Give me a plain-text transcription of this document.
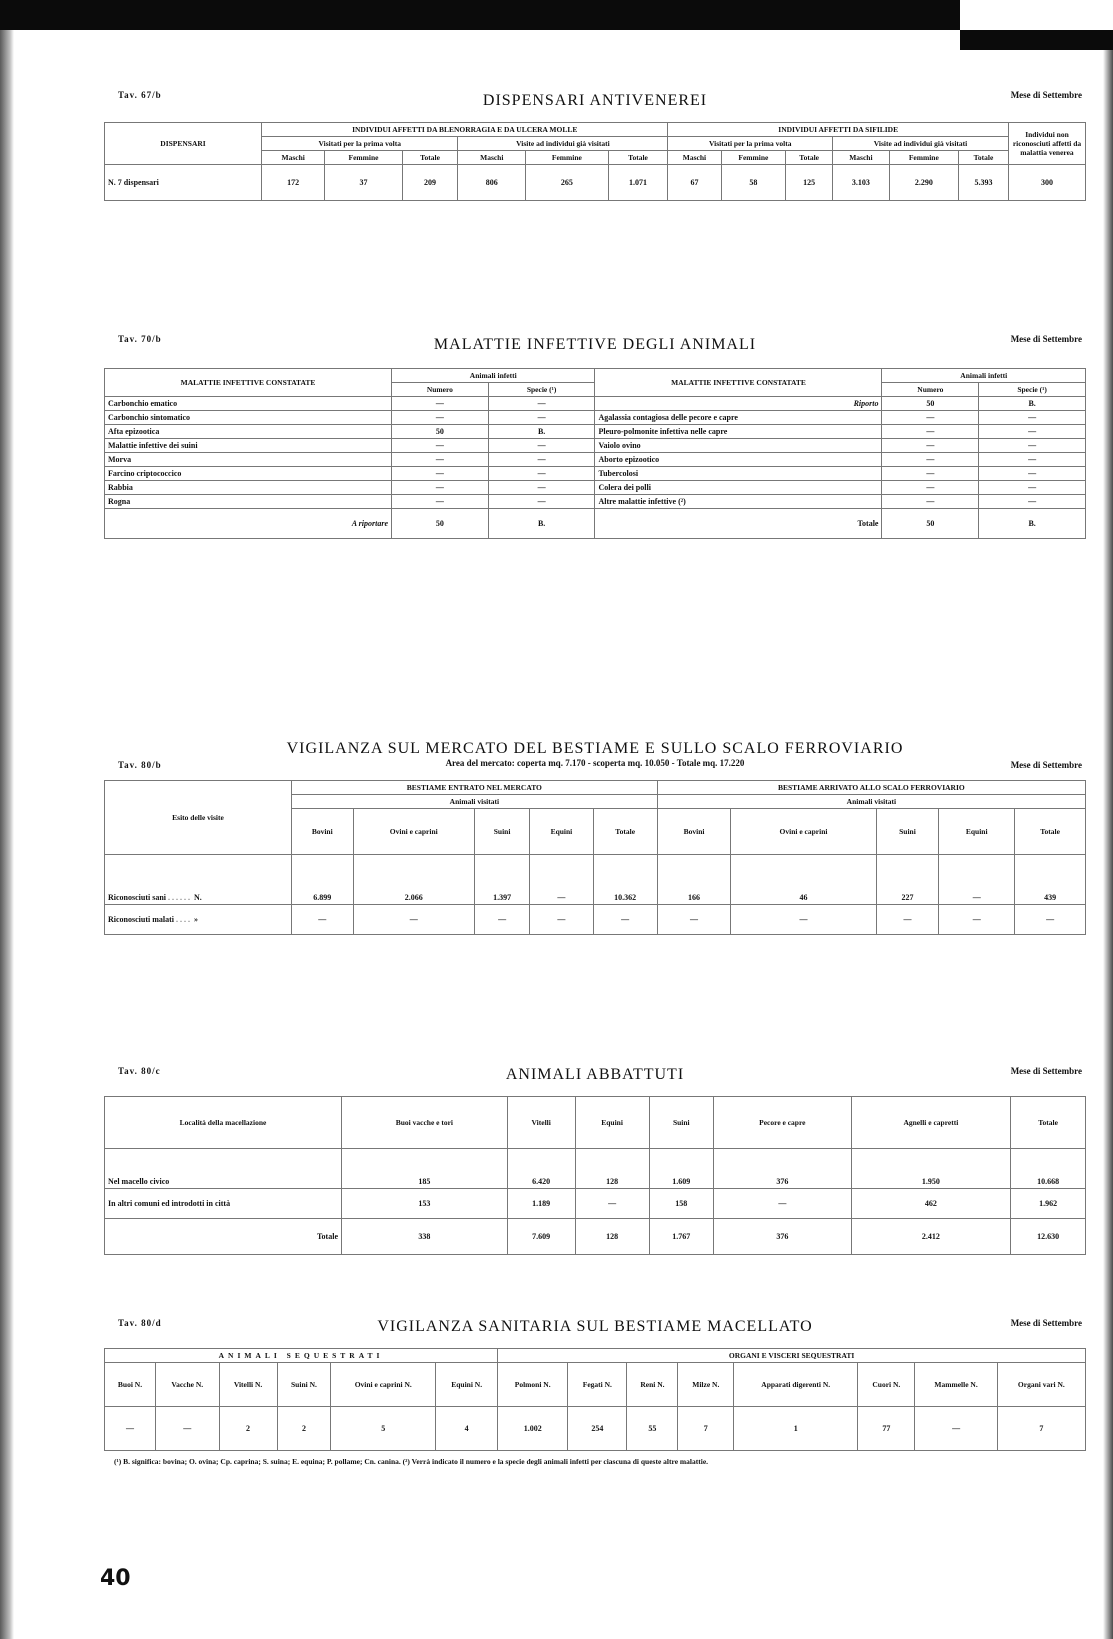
Tav. 67/b	DISPENSARI ANTIVENEREI	Mese di Settembre
DISPENSARI	INDIVIDUI AFFETTI DA BLENORRAGIA E DA ULCERA MOLLE						INDIVIDUI AFFETTI DA SIFILIDE						Individui non riconosciuti affetti da malattia venerea
	Visitati per la prima volta			Visite ad individui già visitati			Visitati per la prima volta			Visite ad individui già visitati			
	Maschi	Femmine	Totale	Maschi	Femmine	Totale	Maschi	Femmine	Totale	Maschi	Femmine	Totale	
N. 7 dispensari	172	37	209	806	265	1.071	67	58	125	3.103	2.290	5.393	300
Tav. 70/b	MALATTIE INFETTIVE DEGLI ANIMALI	Mese di Settembre
MALATTIE INFETTIVE CONSTATATE	Animali infetti		MALATTIE INFETTIVE CONSTATATE	Animali infetti	
	Numero	Specie (¹)		Numero	Specie (¹)
Carbonchio ematico	—	—	Riporto	50	B.
Carbonchio sintomatico	—	—	Agalassia contagiosa delle pecore e capre	—	—
Afta epizootica	50	B.	Pleuro-polmonite infettiva nelle capre	—	—
Malattie infettive dei suini	—	—	Vaiolo ovino	—	—
Morva	—	—	Aborto epizootico	—	—
Farcino criptococcico	—	—	Tubercolosi	—	—
Rabbia	—	—	Colera dei polli	—	—
Rogna	—	—	Altre malattie infettive (²)	—	—
A riportare	50	B.	Totale	50	B.
Tav. 80/b
VIGILANZA SUL MERCATO DEL BESTIAME E SULLO SCALO FERROVIARIO
Area del mercato: coperta mq. 7.170 - scoperta mq. 10.050 - Totale mq. 17.220	Mese di Settembre
Esito delle visite	BESTIAME ENTRATO NEL MERCATO					BESTIAME ARRIVATO ALLO SCALO FERROVIARIO				
	Animali visitati					Animali visitati				
	Bovini	Ovini e caprini	Suini	Equini	Totale	Bovini	Ovini e caprini	Suini	Equini	Totale
Riconosciuti sani ...... N.	6.899	2.066	1.397	—	10.362	166	46	227	—	439
Riconosciuti malati .... »	—	—	—	—	—	—	—	—	—	—
Tav. 80/c	ANIMALI ABBATTUTI	Mese di Settembre
Località della macellazione	Buoi vacche e tori	Vitelli	Equini	Suini	Pecore e capre	Agnelli e capretti	Totale
Nel macello civico	185	6.420	128	1.609	376	1.950	10.668
In altri comuni ed introdotti in città	153	1.189	—	158	—	462	1.962
Totale	338	7.609	128	1.767	376	2.412	12.630
Tav. 80/d	VIGILANZA SANITARIA SUL BESTIAME MACELLATO	Mese di Settembre
ANIMALI SEQUESTRATI						ORGANI E VISCERI SEQUESTRATI							
Buoi N.	Vacche N.	Vitelli N.	Suini N.	Ovini e caprini N.	Equini N.	Polmoni N.	Fegati N.	Reni N.	Milze N.	Apparati digerenti N.	Cuori N.	Mammelle N.	Organi vari N.
—	—	2	2	5	4	1.002	254	55	7	1	77	—	7
(¹) B. significa: bovina; O. ovina; Cp. caprina; S. suina; E. equina; P. pollame; Cn. canina. (²) Verrà indicato il numero e la specie degli animali infetti per ciascuna di queste altre malattie.
40
